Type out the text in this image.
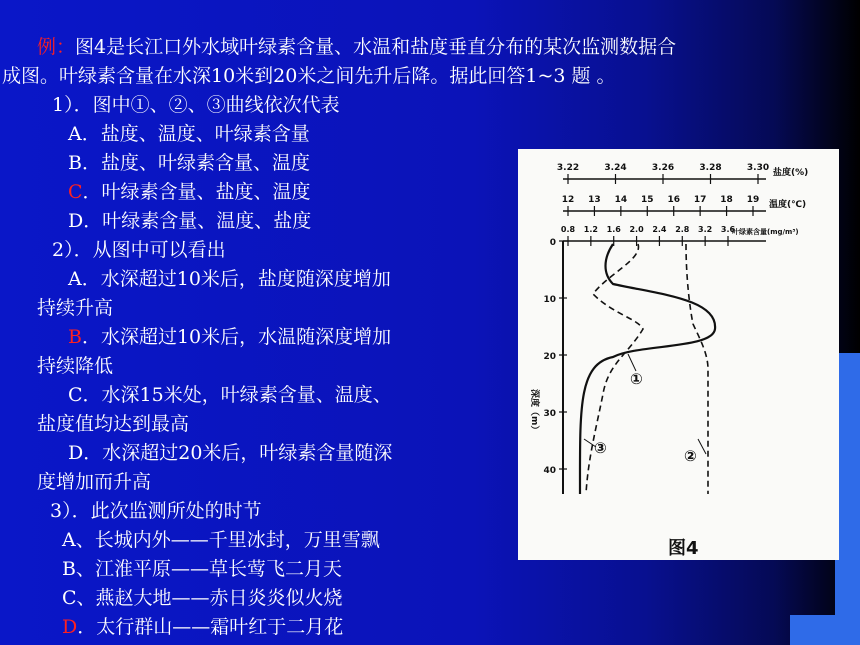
例：图4是长江口外水域叶绿素含量、水温和盐度垂直分布的某次监测数据合
成图。叶绿素含量在水深10米到20米之间先升后降。据此回答1~3 题 。
1）．图中①、②、③曲线依次代表
A．盐度、温度、叶绿素含量
B．盐度、叶绿素含量、温度
C．叶绿素含量、盐度、温度
D．叶绿素含量、温度、盐度
2）．从图中可以看出
A．水深超过10米后，盐度随深度增加
持续升高
B．水深超过10米后，水温随深度增加
持续降低
C．水深15米处，叶绿素含量、温度、
盐度值均达到最高
D．水深超过20米后，叶绿素含量随深
度增加而升高
3）．此次监测所处的时节
A、长城内外——千里冰封，万里雪飘
B、江淮平原——草长莺飞二月天
C、燕赵大地——赤日炎炎似火烧
D．太行群山——霜叶红于二月花
3.22	3.24	3.26	3.28	3.30 盐度(%)
12 13 14 15 16 17 18 19 温度(℃)
0.8 1.2 1.6 2.0 2.4 2.8 3.2 3.6
叶绿素含量(mg/m³)
0
10
20
30
40
深度（m）
①
②
③
图4
